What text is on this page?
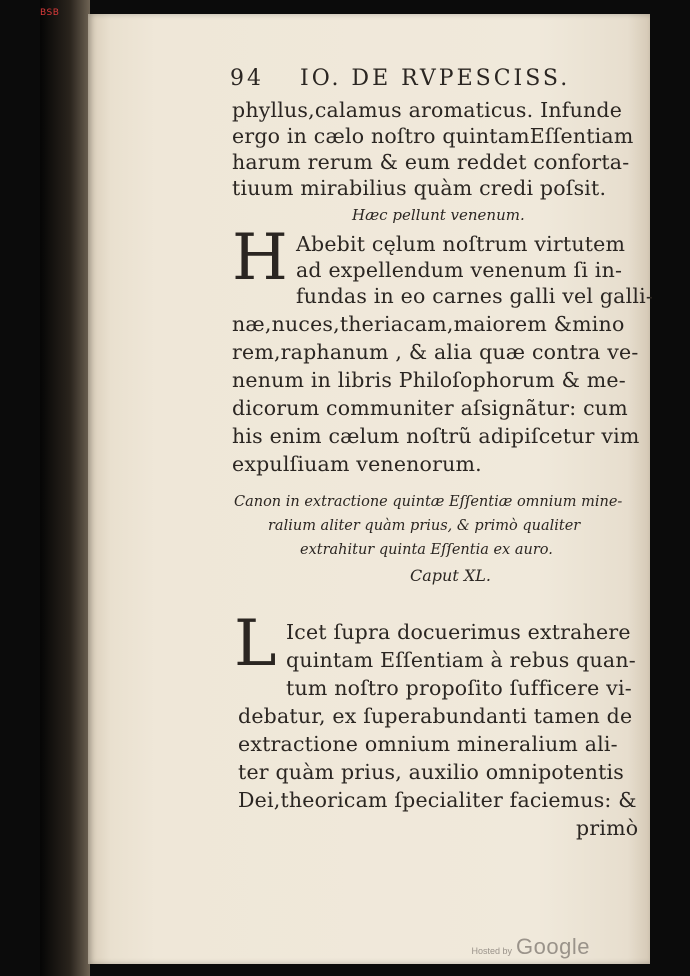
BSB
94 IO. DE RVPESCISS.
phyllus,calamus aromaticus. Infunde
ergo in cælo noſtro quintamEſſentiam
harum rerum & eum reddet conforta-
tiuum mirabilius quàm credi poſsit.
Hæc pellunt venenum.
H Abebit cęlum noſtrum virtutem
ad expellendum venenum ſi in-
fundas in eo carnes galli vel galli-
næ,nuces,theriacam,maiorem &mino
rem,raphanum , & alia quæ contra ve-
nenum in libris Philoſophorum & me-
dicorum communiter aſsignãtur: cum
his enim cælum noſtrũ adipiſcetur vim
expulſiuam venenorum.
Canon in extractione quintæ Eſſentiæ omnium mine-
ralium aliter quàm prius, & primò qualiter
extrahitur quinta Eſſentia ex auro.
Caput XL.
L Icet ſupra docuerimus extrahere
quintam Eſſentiam à rebus quan-
tum noſtro propoſito ſufficere vi-
debatur, ex ſuperabundanti tamen de
extractione omnium mineralium ali-
ter quàm prius, auxilio omnipotentis
Dei,theoricam ſpecialiter faciemus: &
primò
Hosted by Google
